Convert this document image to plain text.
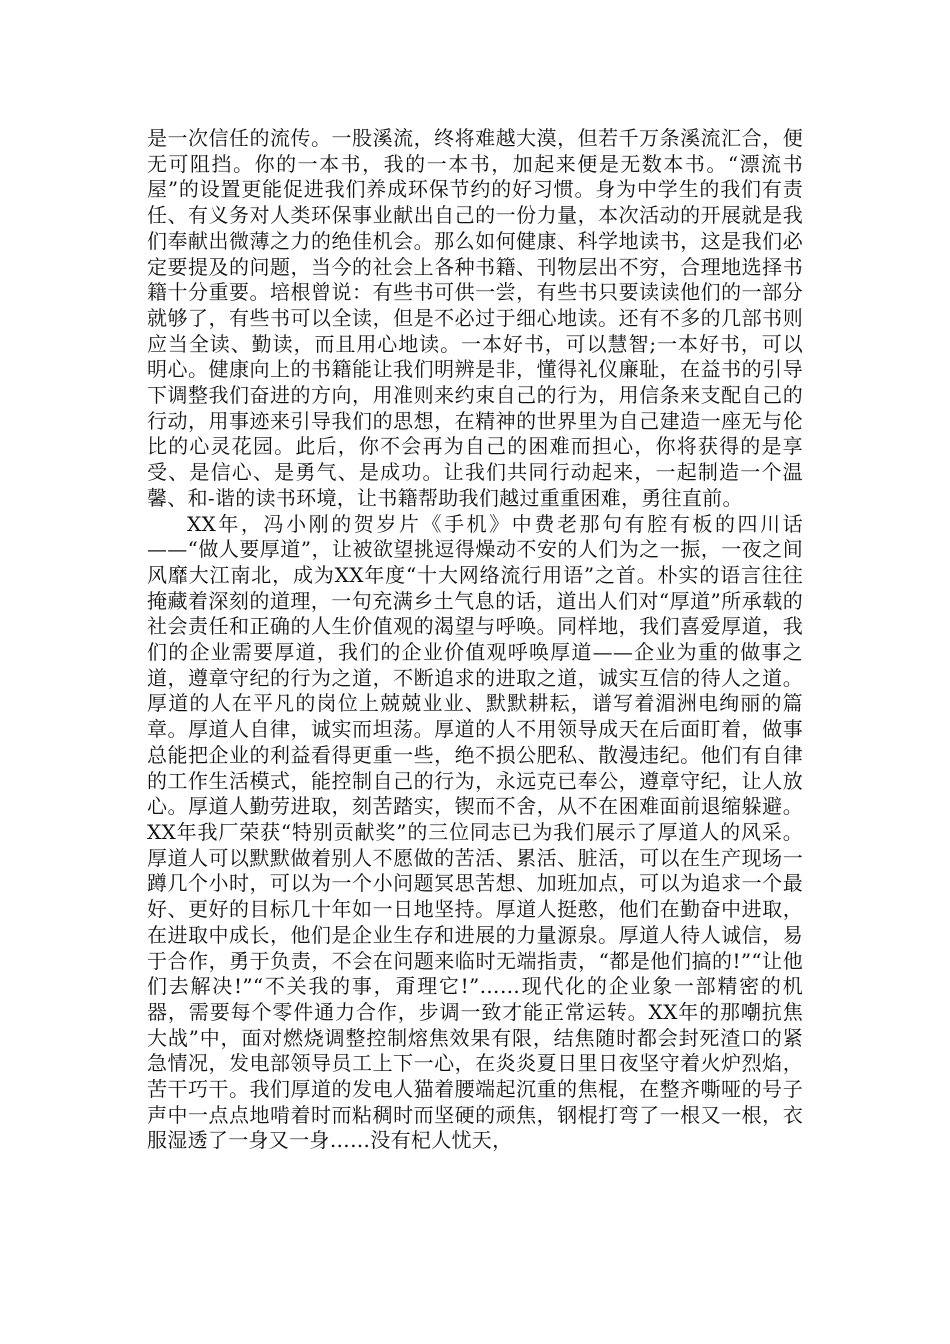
是一次信任的流传。一股溪流，终将难越大漠，但若千万条溪流汇合，便无可阻挡。你的一本书，我的一本书，加起来便是无数本书。“漂流书屋”的设置更能促进我们养成环保节约的好习惯。身为中学生的我们有责任、有义务对人类环保事业献出自己的一份力量，本次活动的开展就是我们奉献出微薄之力的绝佳机会。那么如何健康、科学地读书，这是我们必定要提及的问题，当今的社会上各种书籍、刊物层出不穷，合理地选择书籍十分重要。培根曾说：有些书可供一尝，有些书只要读读他们的一部分就够了，有些书可以全读，但是不必过于细心地读。还有不多的几部书则应当全读、勤读，而且用心地读。一本好书，可以慧智;一本好书，可以明心。健康向上的书籍能让我们明辨是非，懂得礼仪廉耻，在益书的引导下调整我们奋进的方向，用准则来约束自己的行为，用信条来支配自己的行动，用事迹来引导我们的思想，在精神的世界里为自己建造一座无与伦比的心灵花园。此后，你不会再为自己的困难而担心，你将获得的是享受、是信心、是勇气、是成功。让我们共同行动起来，一起制造一个温馨、和-谐的读书环境，让书籍帮助我们越过重重困难，勇往直前。

XX年，冯小刚的贺岁片《手机》中费老那句有腔有板的四川话——“做人要厚道”，让被欲望挑逗得燥动不安的人们为之一振，一夜之间风靡大江南北，成为XX年度“十大网络流行用语”之首。朴实的语言往往掩藏着深刻的道理，一句充满乡土气息的话，道出人们对“厚道”所承载的社会责任和正确的人生价值观的渴望与呼唤。同样地，我们喜爱厚道，我们的企业需要厚道，我们的企业价值观呼唤厚道——企业为重的做事之道，遵章守纪的行为之道，不断追求的进取之道，诚实互信的待人之道。厚道的人在平凡的岗位上兢兢业业、默默耕耘，谱写着湄洲电绚丽的篇章。厚道人自律，诚实而坦荡。厚道的人不用领导成天在后面盯着，做事总能把企业的利益看得更重一些，绝不损公肥私、散漫违纪。他们有自律的工作生活模式，能控制自己的行为，永远克已奉公，遵章守纪，让人放心。厚道人勤劳进取，刻苦踏实，锲而不舍，从不在困难面前退缩躲避。XX年我厂荣获“特别贡献奖”的三位同志已为我们展示了厚道人的风采。厚道人可以默默做着别人不愿做的苦活、累活、脏活，可以在生产现场一蹲几个小时，可以为一个小问题冥思苦想、加班加点，可以为追求一个最好、更好的目标几十年如一日地坚持。厚道人挺憨，他们在勤奋中进取，在进取中成长，他们是企业生存和进展的力量源泉。厚道人待人诚信，易于合作，勇于负责，不会在问题来临时无端指责，“都是他们搞的!”“让他们去解决!”“不关我的事，甭理它!”……现代化的企业象一部精密的机器，需要每个零件通力合作，步调一致才能正常运转。XX年的那嘲抗焦大战”中，面对燃烧调整控制熔焦效果有限，结焦随时都会封死渣口的紧急情况，发电部领导员工上下一心，在炎炎夏日里日夜坚守着火炉烈焰，苦干巧干。我们厚道的发电人猫着腰端起沉重的焦棍，在整齐嘶哑的号子声中一点点地啃着时而粘稠时而坚硬的顽焦，钢棍打弯了一根又一根，衣服湿透了一身又一身……没有杞人忧天，
